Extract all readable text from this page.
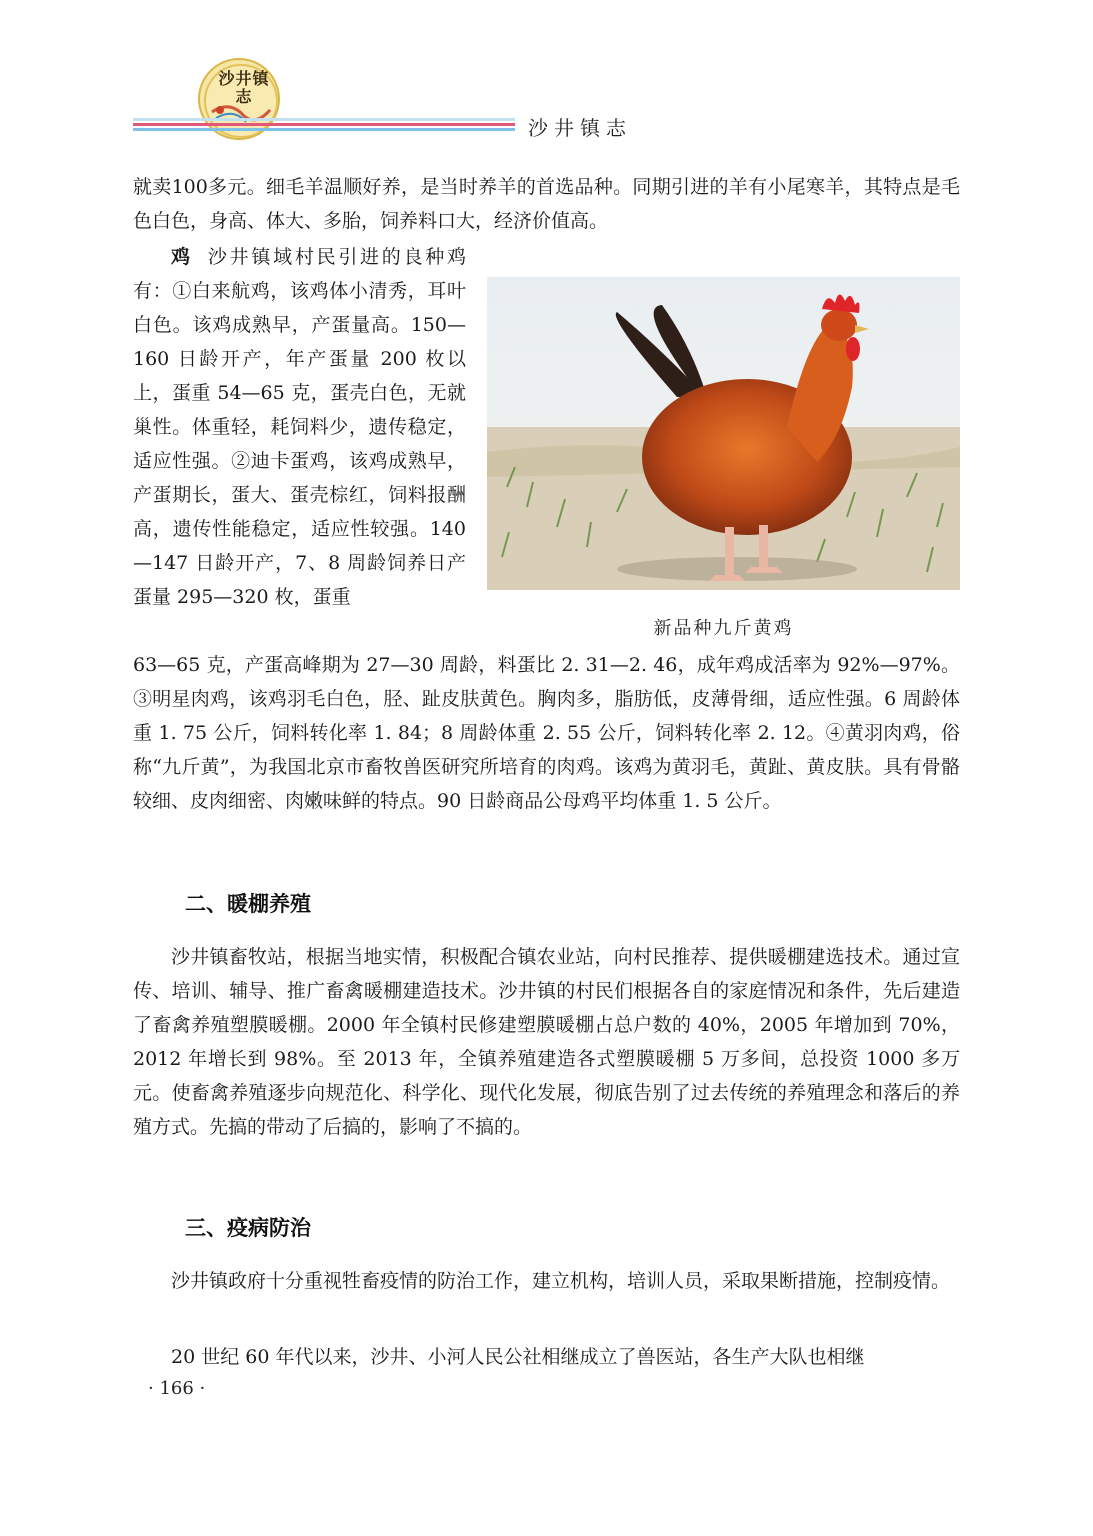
沙井镇志
沙井镇志

就卖100多元。细毛羊温顺好养，是当时养羊的首选品种。同期引进的羊有小尾寒羊，其特点是毛色白色，身高、体大、多胎，饲养料口大，经济价值高。

鸡 沙井镇域村民引进的良种鸡有：①白来航鸡，该鸡体小清秀，耳叶白色。该鸡成熟早，产蛋量高。150—160 日龄开产，年产蛋量 200 枚以上，蛋重 54—65 克，蛋壳白色，无就巢性。体重轻，耗饲料少，遗传稳定，适应性强。②迪卡蛋鸡，该鸡成熟早，产蛋期长，蛋大、蛋壳棕红，饲料报酬高，遗传性能稳定，适应性较强。140—147 日龄开产，7、8 周龄饲养日产蛋量 295—320 枚，蛋重

新品种九斤黄鸡

63—65 克，产蛋高峰期为 27—30 周龄，料蛋比 2. 31—2. 46，成年鸡成活率为 92%—97%。③明星肉鸡，该鸡羽毛白色，胫、趾皮肤黄色。胸肉多，脂肪低，皮薄骨细，适应性强。6 周龄体重 1. 75 公斤，饲料转化率 1. 84；8 周龄体重 2. 55 公斤，饲料转化率 2. 12。④黄羽肉鸡，俗称“九斤黄”，为我国北京市畜牧兽医研究所培育的肉鸡。该鸡为黄羽毛，黄趾、黄皮肤。具有骨骼较细、皮肉细密、肉嫩味鲜的特点。90 日龄商品公母鸡平均体重 1. 5 公斤。

二、暖棚养殖

沙井镇畜牧站，根据当地实情，积极配合镇农业站，向村民推荐、提供暖棚建选技术。通过宣传、培训、辅导、推广畜禽暖棚建造技术。沙井镇的村民们根据各自的家庭情况和条件，先后建造了畜禽养殖塑膜暖棚。2000 年全镇村民修建塑膜暖棚占总户数的 40%，2005 年增加到 70%，2012 年增长到 98%。至 2013 年，全镇养殖建造各式塑膜暖棚 5 万多间，总投资 1000 多万元。使畜禽养殖逐步向规范化、科学化、现代化发展，彻底告别了过去传统的养殖理念和落后的养殖方式。先搞的带动了后搞的，影响了不搞的。

三、疫病防治

沙井镇政府十分重视牲畜疫情的防治工作，建立机构，培训人员，采取果断措施，控制疫情。

20 世纪 60 年代以来，沙井、小河人民公社相继成立了兽医站，各生产大队也相继

· 166 ·
